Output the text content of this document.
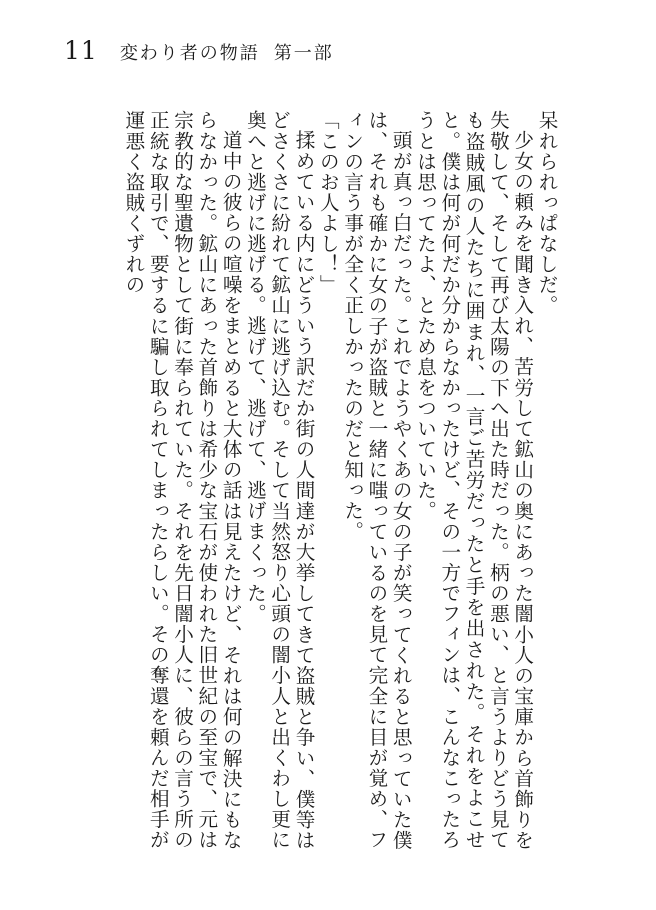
11 変わり者の物語 第一部

呆れられっぱなしだ。

少女の頼みを聞き入れ、苦労して鉱山の奥にあった闇小人の宝庫から首飾りを失敬して、そして再び太陽の下へ出た時だった。柄の悪い、と言うよりどう見ても盗賊風の人たちに囲まれ、一言ご苦労だったと手を出された。それをよこせと。僕は何が何だか分からなかったけど、その一方でフィンは、こんなこったろうとは思ってたよ、とため息をついていた。

頭が真っ白だった。これでようやくあの女の子が笑ってくれると思っていた僕は、それも確かに女の子が盗賊と一緒に嗤っているのを見て完全に目が覚め、フィンの言う事が全く正しかったのだと知った。

「このお人よし！」

揉めている内にどういう訳だか街の人間達が大挙してきて盗賊と争い、僕等はどさくさに紛れて鉱山に逃げ込む。そして当然怒り心頭の闇小人と出くわし更に奥へと逃げに逃げる。逃げて、逃げて、逃げまくった。

道中の彼らの喧噪をまとめると大体の話は見えたけど、それは何の解決にもならなかった。鉱山にあった首飾りは希少な宝石が使われた旧世紀の至宝で、元は宗教的な聖遺物として街に奉られていた。それを先日闇小人に、彼らの言う所の正統な取引で、要するに騙し取られてしまったらしい。その奪還を頼んだ相手が運悪く盗賊くずれの
